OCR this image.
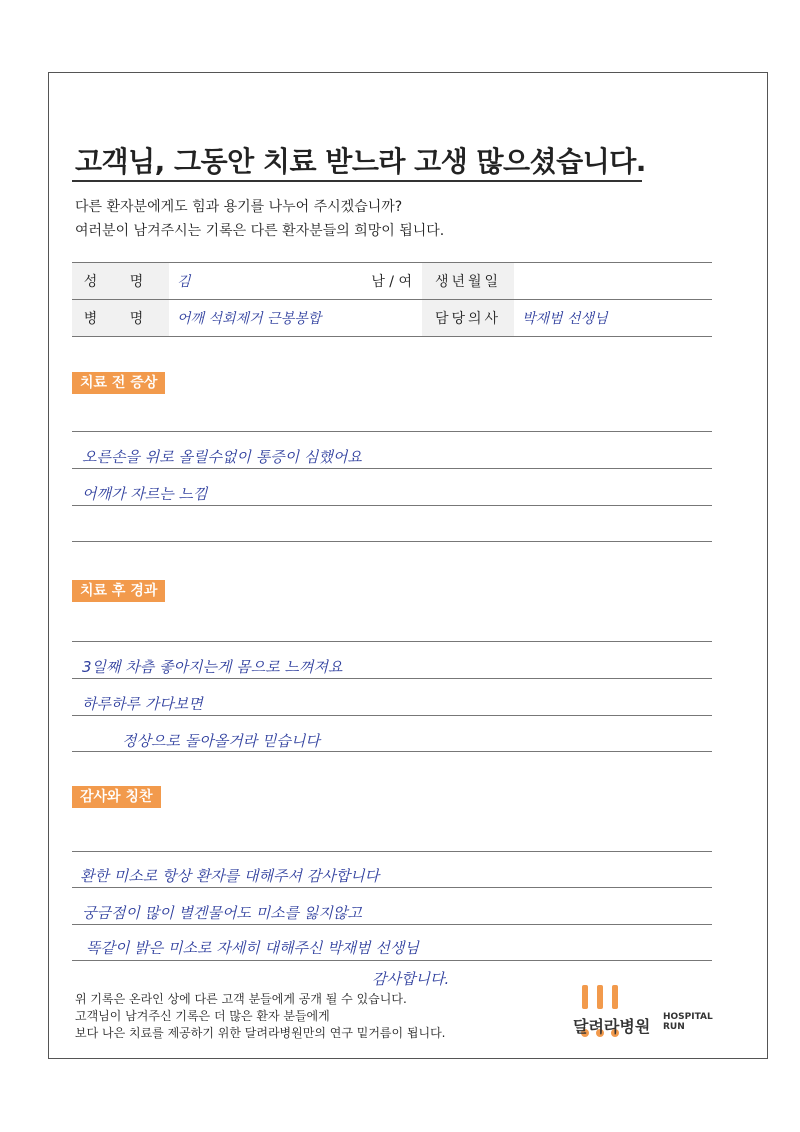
고객님, 그동안 치료 받느라 고생 많으셨습니다.
다른 환자분에게도 힘과 용기를 나누어 주시겠습니까?
여러분이 남겨주시는 기록은 다른 환자분들의 희망이 됩니다.
성 명	김	남 / 여	생년월일	
병 명	어깨 석회제거 근봉봉합		담당의사	박재범 선생님
치료 전 증상
오른손을 위로 올릴수없이 통증이 심했어요
어깨가 자르는 느낌
치료 후 경과
3일째 차츰 좋아지는게 몸으로 느껴져요
하루하루 가다보면
정상으로 돌아올거라 믿습니다
감사와 칭찬
환한 미소로 항상 환자를 대해주셔 감사합니다
궁금점이 많이 별겐물어도 미소를 잃지않고
똑같이 밝은 미소로 자세히 대해주신 박재범 선생님
감사합니다.
위 기록은 온라인 상에 다른 고객 분들에게 공개 될 수 있습니다.
고객님이 남겨주신 기록은 더 많은 환자 분들에게
보다 나은 치료를 제공하기 위한 달려라병원만의 연구 밑거름이 됩니다.	달려라병원 HOSPITAL
RUN
